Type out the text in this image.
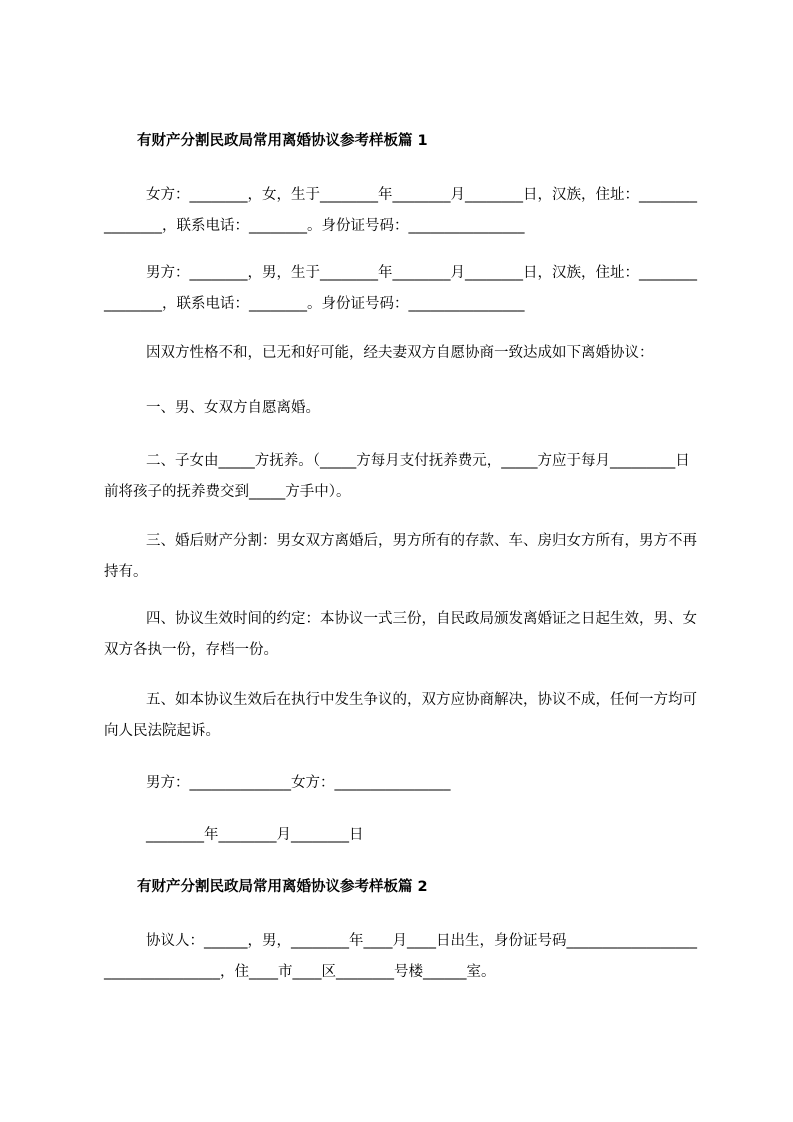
有财产分割民政局常用离婚协议参考样板篇 1

女方：________，女，生于________年________月________日，汉族，住址：________________，联系电话：________。身份证号码：________________

男方：________，男，生于________年________月________日，汉族，住址：________________，联系电话：________。身份证号码：________________

因双方性格不和，已无和好可能，经夫妻双方自愿协商一致达成如下离婚协议：

一、男、女双方自愿离婚。

二、子女由_____方抚养。（_____方每月支付抚养费元，_____方应于每月_________日前将孩子的抚养费交到_____方手中）。

三、婚后财产分割：男女双方离婚后，男方所有的存款、车、房归女方所有，男方不再持有。

四、协议生效时间的约定：本协议一式三份，自民政局颁发离婚证之日起生效，男、女双方各执一份，存档一份。

五、如本协议生效后在执行中发生争议的，双方应协商解决，协议不成，任何一方均可向人民法院起诉。

男方：______________女方：________________

________年________月________日

有财产分割民政局常用离婚协议参考样板篇 2

协议人：______，男，________年____月____日出生，身份证号码__________________________________，住____市____区________号楼______室。
